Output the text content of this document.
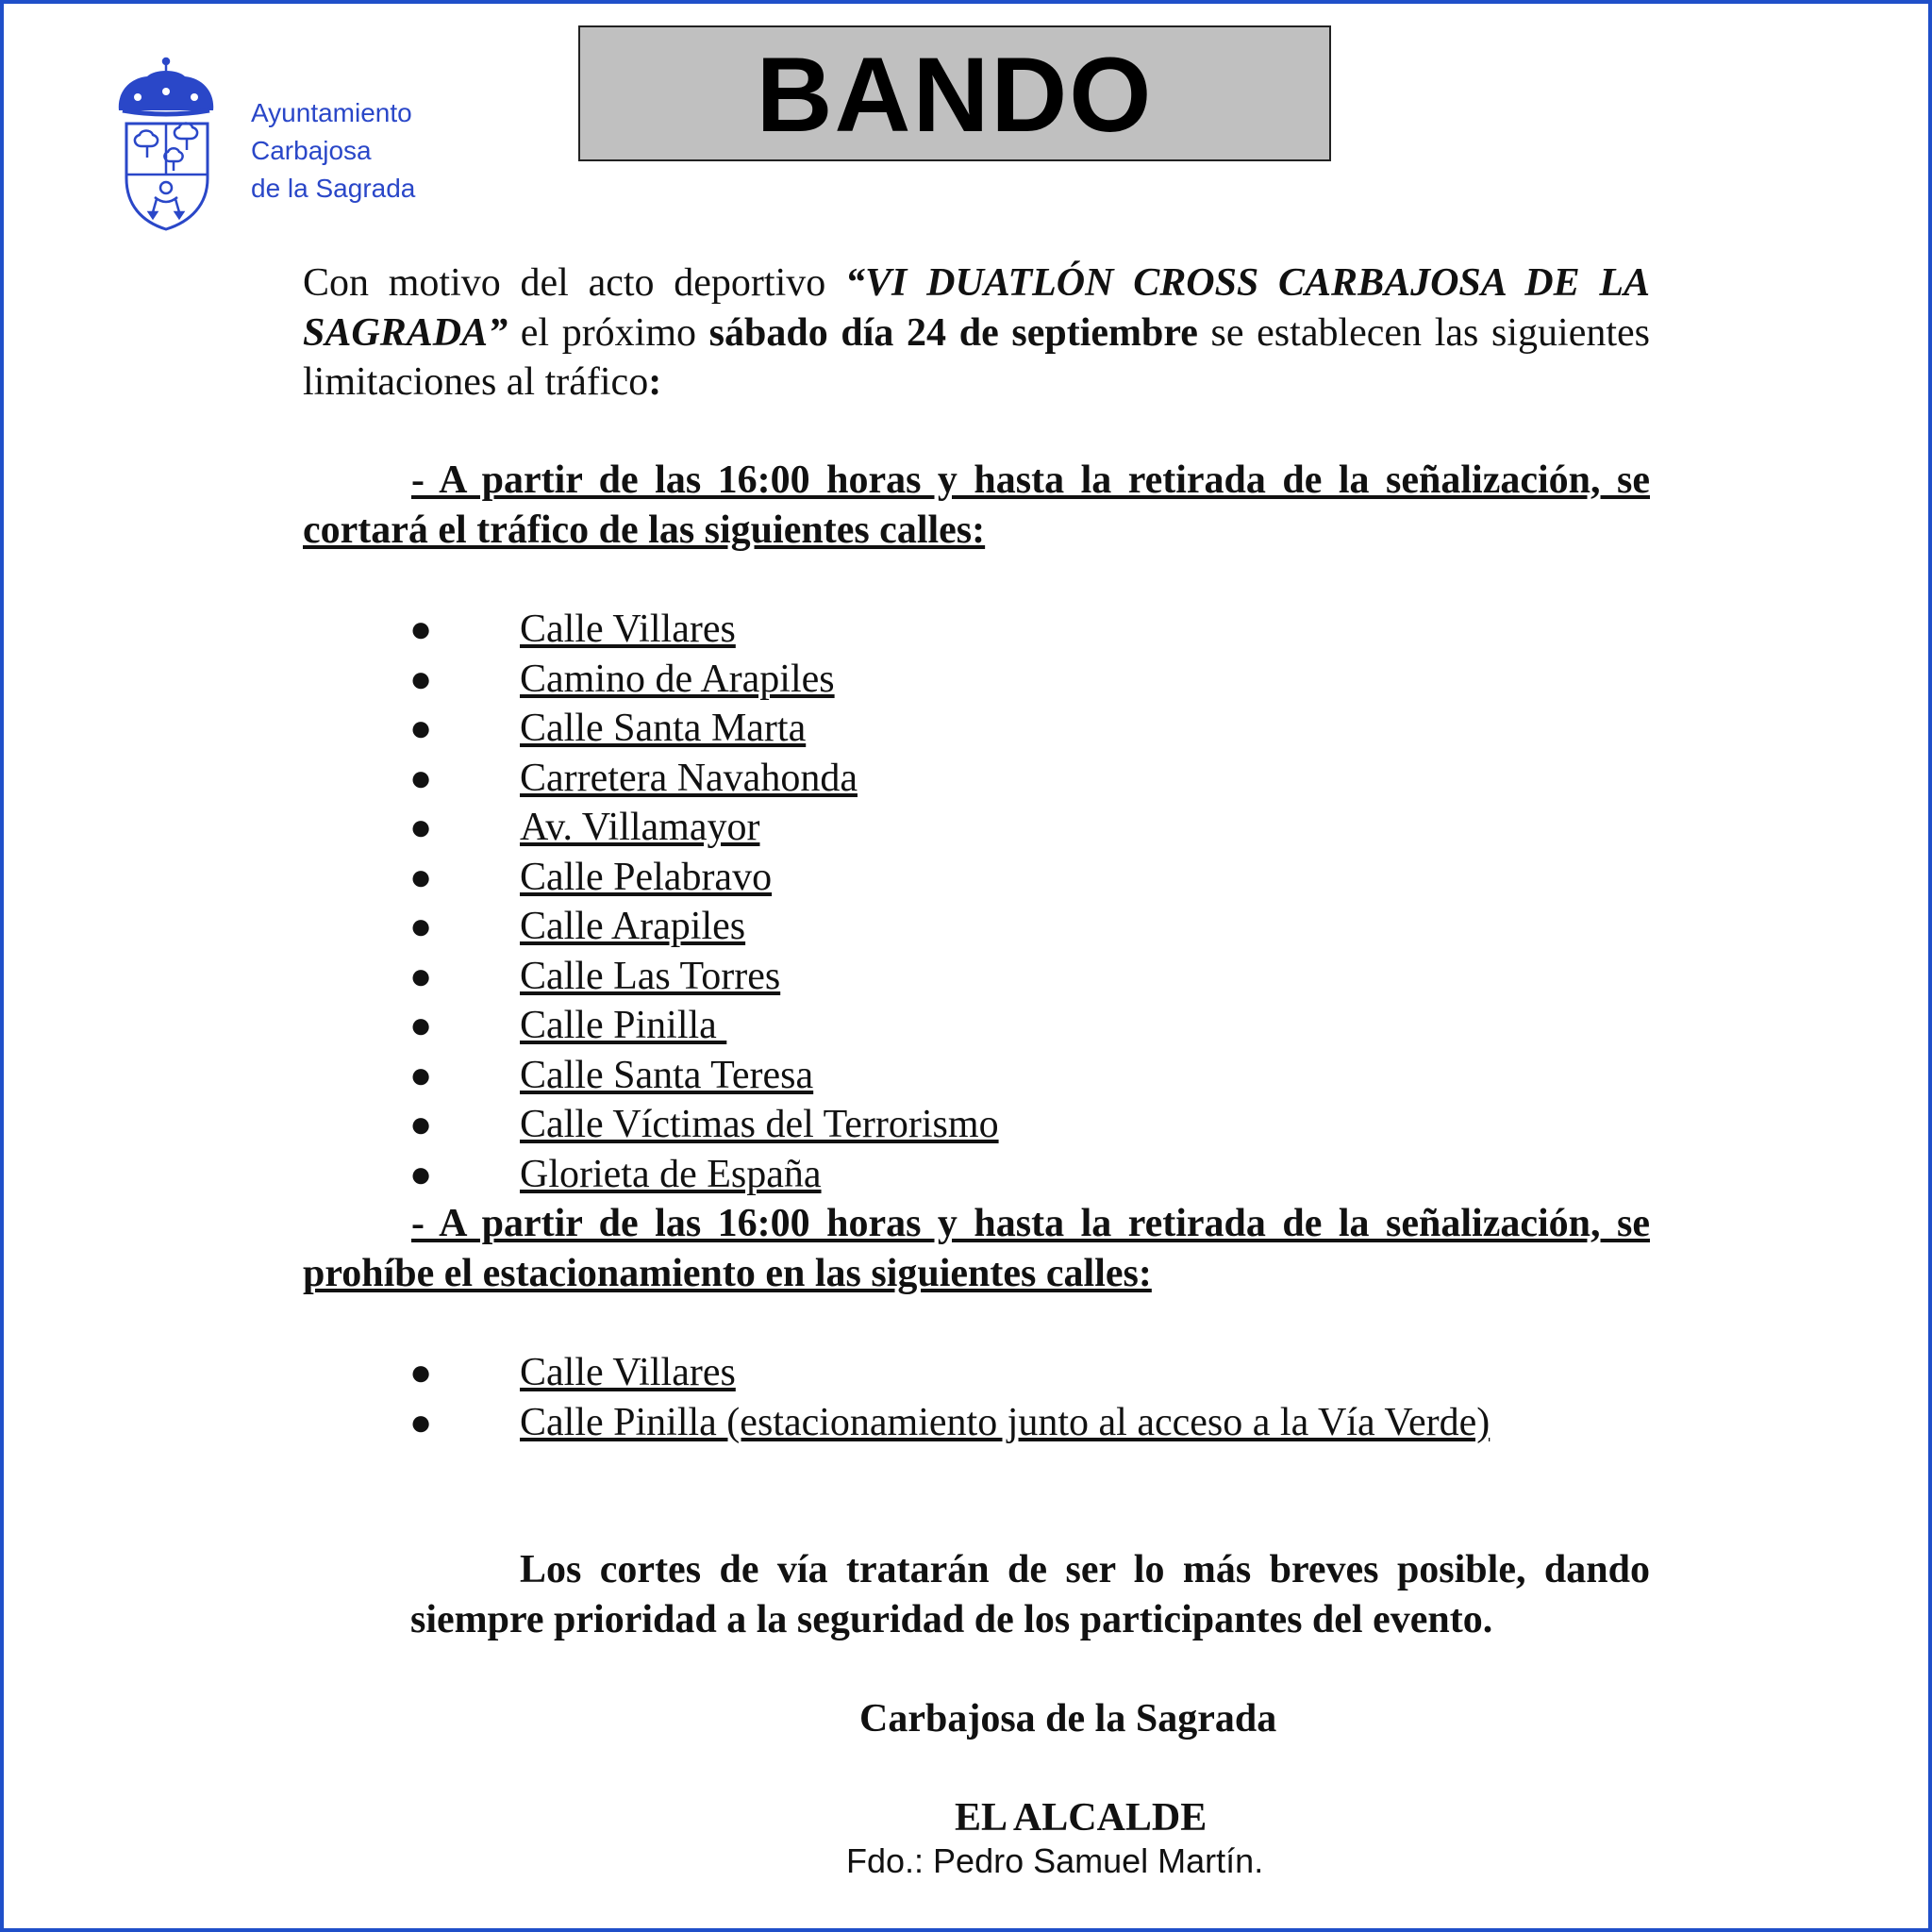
Ayuntamiento
Carbajosa
de la Sagrada
BANDO
Con motivo del acto deportivo “VI DUATLÓN CROSS CARBAJOSA DE LA SAGRADA” el próximo sábado día 24 de septiembre se establecen las siguientes limitaciones al tráfico:
- A partir de las 16:00 horas y hasta la retirada de la señalización, se cortará el tráfico de las siguientes calles:
● Calle Villares
● Camino de Arapiles
● Calle Santa Marta
● Carretera Navahonda
● Av. Villamayor
● Calle Pelabravo
● Calle Arapiles
● Calle Las Torres
● Calle Pinilla
● Calle Santa Teresa
● Calle Víctimas del Terrorismo
● Glorieta de España
- A partir de las 16:00 horas y hasta la retirada de la señalización, se prohíbe el estacionamiento en las siguientes calles:
● Calle Villares
● Calle Pinilla (estacionamiento junto al acceso a la Vía Verde)
Los cortes de vía tratarán de ser lo más breves posible, dando siempre prioridad a la seguridad de los participantes del evento.
Carbajosa de la Sagrada
EL ALCALDE
Fdo.: Pedro Samuel Martín.
